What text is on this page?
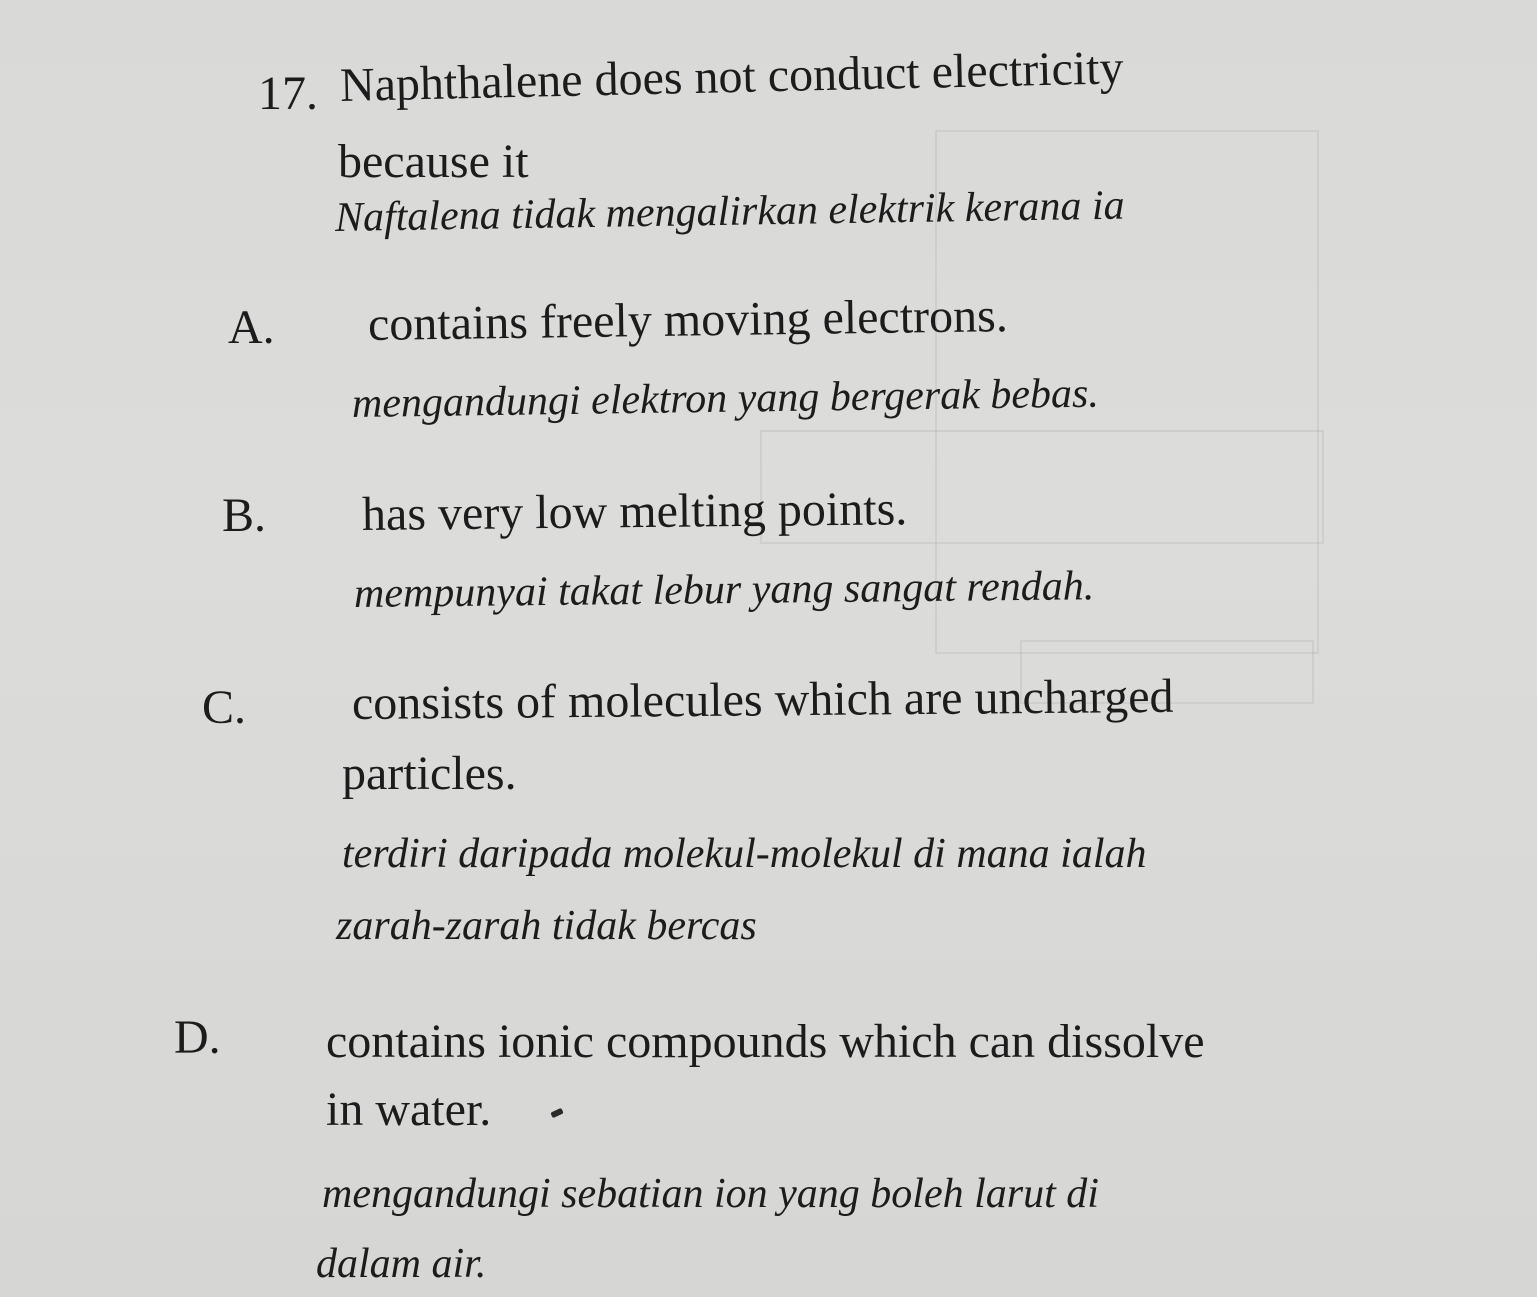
17. Naphthalene does not conduct electricity
because it
Naftalena tidak mengalirkan elektrik kerana ia
A. contains freely moving electrons.
mengandungi elektron yang bergerak bebas.
B. has very low melting points.
mempunyai takat lebur yang sangat rendah.
C. consists of molecules which are uncharged
particles.
terdiri daripada molekul-molekul di mana ialah
zarah-zarah tidak bercas
D. contains ionic compounds which can dissolve
in water.
mengandungi sebatian ion yang boleh larut di
dalam air.
